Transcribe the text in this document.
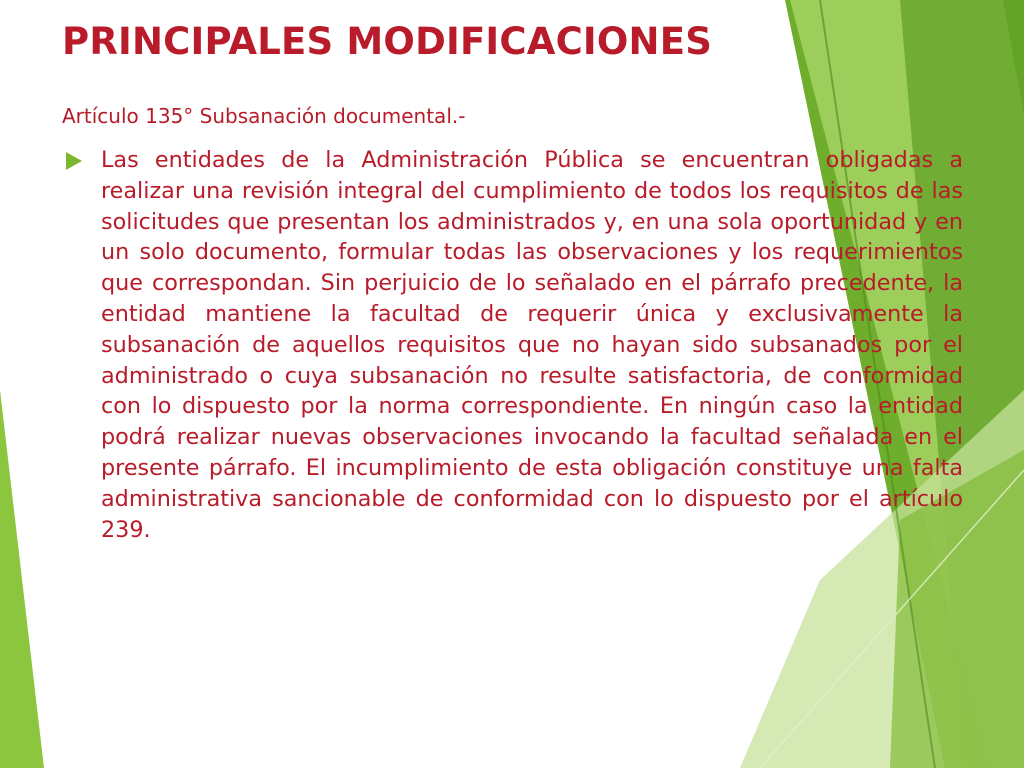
PRINCIPALES MODIFICACIONES

Artículo 135° Subsanación documental.-

Las entidades de la Administración Pública se encuentran obligadas a realizar una revisión integral del cumplimiento de todos los requisitos de las solicitudes que presentan los administrados y, en una sola oportunidad y en un solo documento, formular todas las observaciones y los requerimientos que correspondan. Sin perjuicio de lo señalado en el párrafo precedente, la entidad mantiene la facultad de requerir única y exclusivamente la subsanación de aquellos requisitos que no hayan sido subsanados por el administrado o cuya subsanación no resulte satisfactoria, de conformidad con lo dispuesto por la norma correspondiente. En ningún caso la entidad podrá realizar nuevas observaciones invocando la facultad señalada en el presente párrafo. El incumplimiento de esta obligación constituye una falta administrativa sancionable de conformidad con lo dispuesto por el artículo 239.
